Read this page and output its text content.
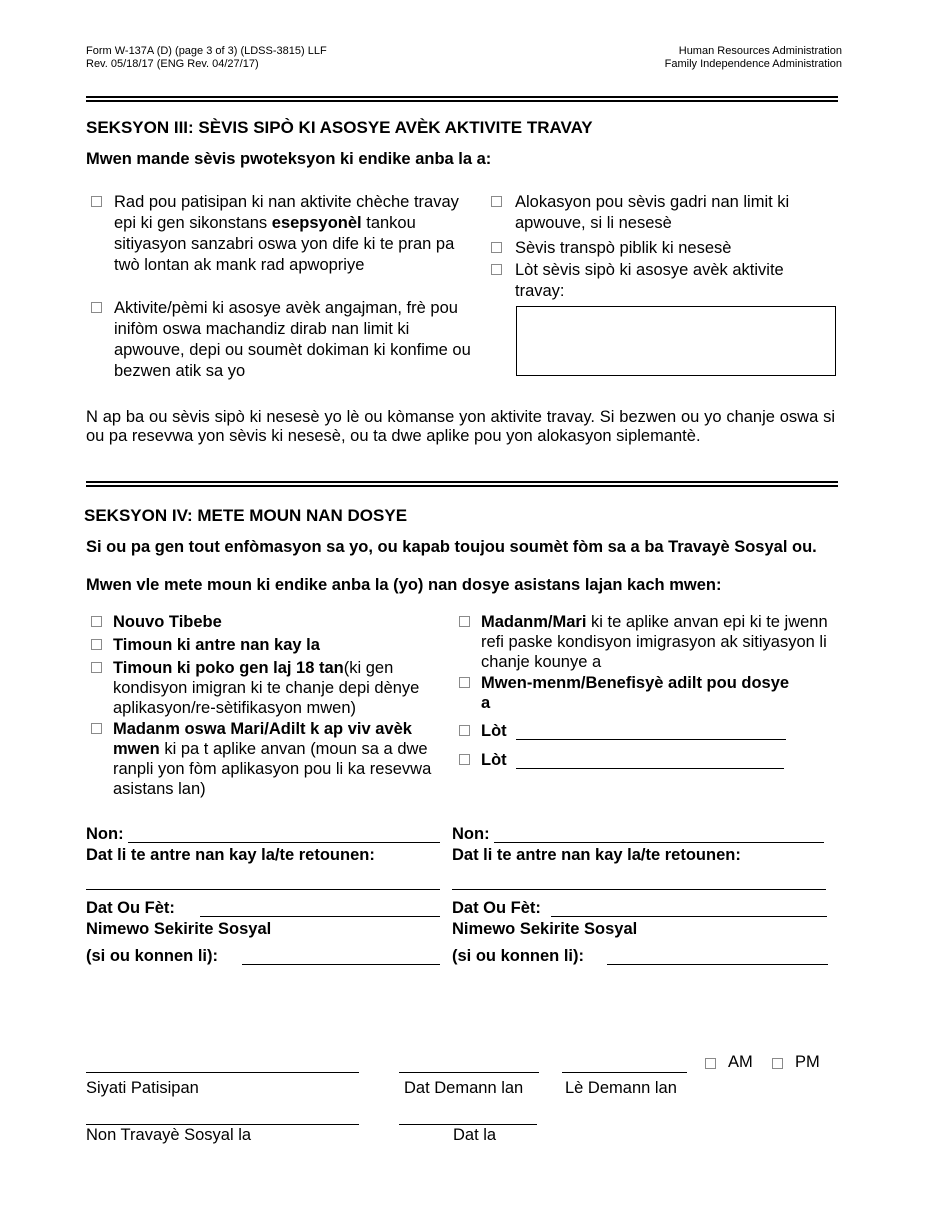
Form W-137A (D) (page 3 of 3) (LDSS-3815) LLF
Rev. 05/18/17 (ENG Rev. 04/27/17)
Human Resources Administration
Family Independence Administration
SEKSYON III: SÈVIS SIPÒ KI ASOSYE AVÈK AKTIVITE TRAVAY
Mwen mande sèvis pwoteksyon ki endike anba la a:
Rad pou patisipan ki nan aktivite chèche travay epi ki gen sikonstans esepsyonèl tankou sitiyasyon sanzabri oswa yon dife ki te pran pa twò lontan ak mank rad apwopriye
Aktivite/pèmi ki asosye avèk angajman, frè pou inifòm oswa machandiz dirab nan limit ki apwouve, depi ou soumèt dokiman ki konfime ou bezwen atik sa yo
Alokasyon pou sèvis gadri nan limit ki apwouve, si li nesesè
Sèvis transpò piblik ki nesesè
Lòt sèvis sipò ki asosye avèk aktivite travay:
N ap ba ou sèvis sipò ki nesesè yo lè ou kòmanse yon aktivite travay. Si bezwen ou yo chanje oswa si ou pa resevwa yon sèvis ki nesesè, ou ta dwe aplike pou yon alokasyon siplemantè.
SEKSYON IV: METE MOUN NAN DOSYE
Si ou pa gen tout enfòmasyon sa yo, ou kapab toujou soumèt fòm sa a ba Travayè Sosyal ou.
Mwen vle mete moun ki endike anba la (yo) nan dosye asistans lajan kach mwen:
Nouvo Tibebe
Timoun ki antre nan kay la
Timoun ki poko gen laj 18 tan(ki gen kondisyon imigran ki te chanje depi dènye aplikasyon/re-sètifikasyon mwen)
Madanm oswa Mari/Adilt k ap viv avèk mwen ki pa t aplike anvan (moun sa a dwe ranpli yon fòm aplikasyon pou li ka resevwa asistans lan)
Madanm/Mari ki te aplike anvan epi ki te jwenn refi paske kondisyon imigrasyon ak sitiyasyon li chanje kounye a
Mwen-menm/Benefisyè adilt pou dosye a
Lòt
Lòt
Non:
Dat li te antre nan kay la/te retounen:
Dat Ou Fèt:
Nimewo Sekirite Sosyal
(si ou konnen li):
Non:
Dat li te antre nan kay la/te retounen:
Dat Ou Fèt:
Nimewo Sekirite Sosyal
(si ou konnen li):
AM	PM
Siyati Patisipan	Dat Demann lan	Lè Demann lan
Non Travayè Sosyal la	Dat la
